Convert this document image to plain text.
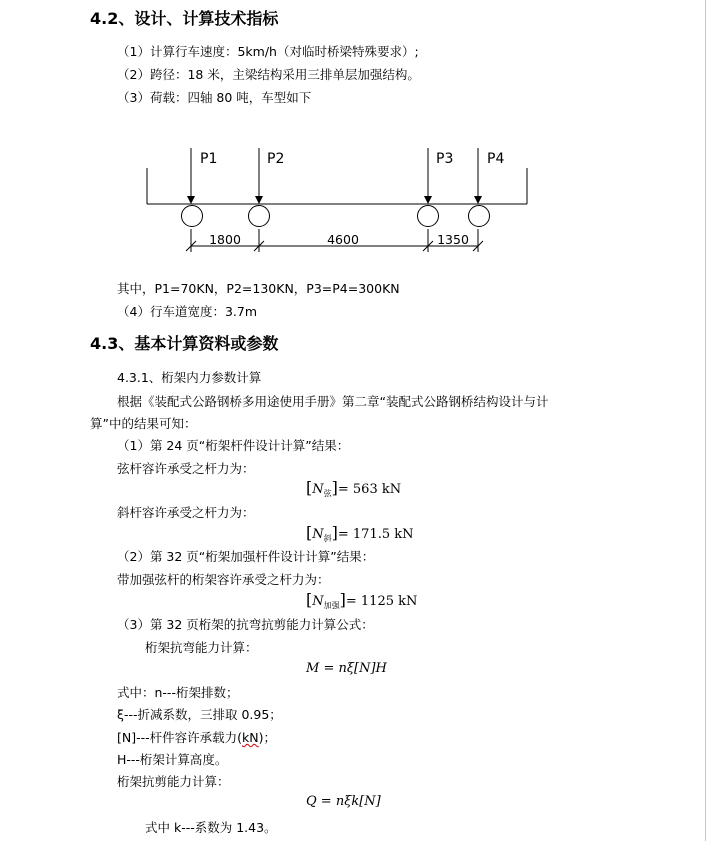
4.2、设计、计算技术指标
（1）计算行车速度：5km/h（对临时桥梁特殊要求）;
（2）跨径：18 米，主梁结构采用三排单层加强结构。
（3）荷载：四轴 80 吨，车型如下
P1	P2	P3 P4
1800	4600	1350
其中，P1=70KN，P2=130KN，P3=P4=300KN
（4）行车道宽度：3.7m
4.3、基本计算资料或参数
4.3.1、桁架内力参数计算
根据《装配式公路钢桥多用途使用手册》第二章“装配式公路钢桥结构设计与计
算”中的结果可知：
（1）第 24 页“桁架杆件设计计算”结果：
弦杆容许承受之杆力为：
$[N_弦]= 563$ kN
斜杆容许承受之杆力为：
$[N_斜]= 171.5$ kN
（2）第 32 页“桁架加强杆件设计计算”结果：
带加强弦杆的桁架容许承受之杆力为：
$[N_{加强}]= 1125$ kN
（3）第 32 页桁架的抗弯抗剪能力计算公式：
桁架抗弯能力计算：
M = nξ[N]H
式中：n---桁架排数；
ξ---折减系数，三排取 0.95；
[N]---杆件容许承载力(kN)；
H---桁架计算高度。
桁架抗剪能力计算：
Q = nξk[N]
式中 k---系数为 1.43。
